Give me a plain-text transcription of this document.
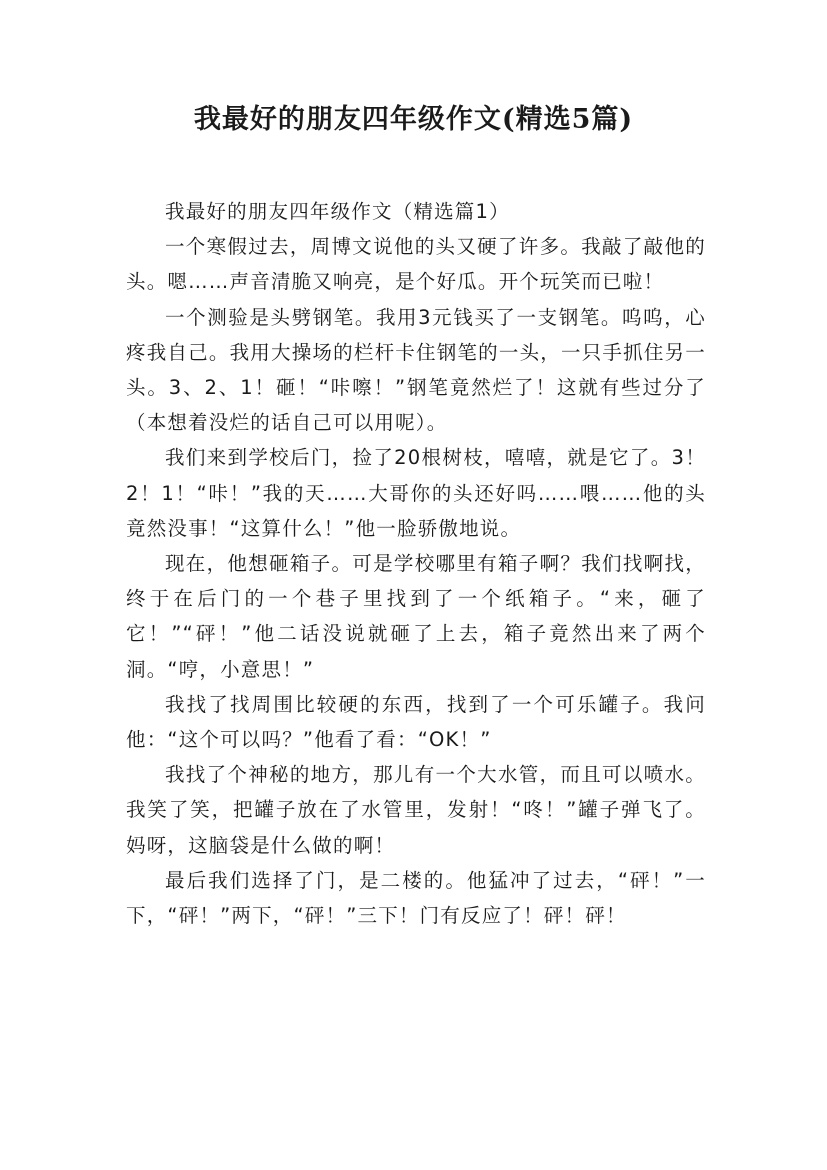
我最好的朋友四年级作文(精选5篇)

我最好的朋友四年级作文（精选篇1）

一个寒假过去，周博文说他的头又硬了许多。我敲了敲他的头。嗯……声音清脆又响亮，是个好瓜。开个玩笑而已啦！

一个测验是头劈钢笔。我用3元钱买了一支钢笔。呜呜，心疼我自己。我用大操场的栏杆卡住钢笔的一头，一只手抓住另一头。3、2、1！砸！“咔嚓！”钢笔竟然烂了！这就有些过分了（本想着没烂的话自己可以用呢）。

我们来到学校后门，捡了20根树枝，嘻嘻，就是它了。3！2！1！“咔！”我的天……大哥你的头还好吗……喂……他的头竟然没事！“这算什么！”他一脸骄傲地说。

现在，他想砸箱子。可是学校哪里有箱子啊？我们找啊找，终于在后门的一个巷子里找到了一个纸箱子。“来，砸了它！”“砰！”他二话没说就砸了上去，箱子竟然出来了两个洞。“哼，小意思！”

我找了找周围比较硬的东西，找到了一个可乐罐子。我问他：“这个可以吗？”他看了看：“OK！”

我找了个神秘的地方，那儿有一个大水管，而且可以喷水。我笑了笑，把罐子放在了水管里，发射！“咚！”罐子弹飞了。妈呀，这脑袋是什么做的啊！

最后我们选择了门，是二楼的。他猛冲了过去，“砰！”一下，“砰！”两下，“砰！”三下！门有反应了！砰！砰！
